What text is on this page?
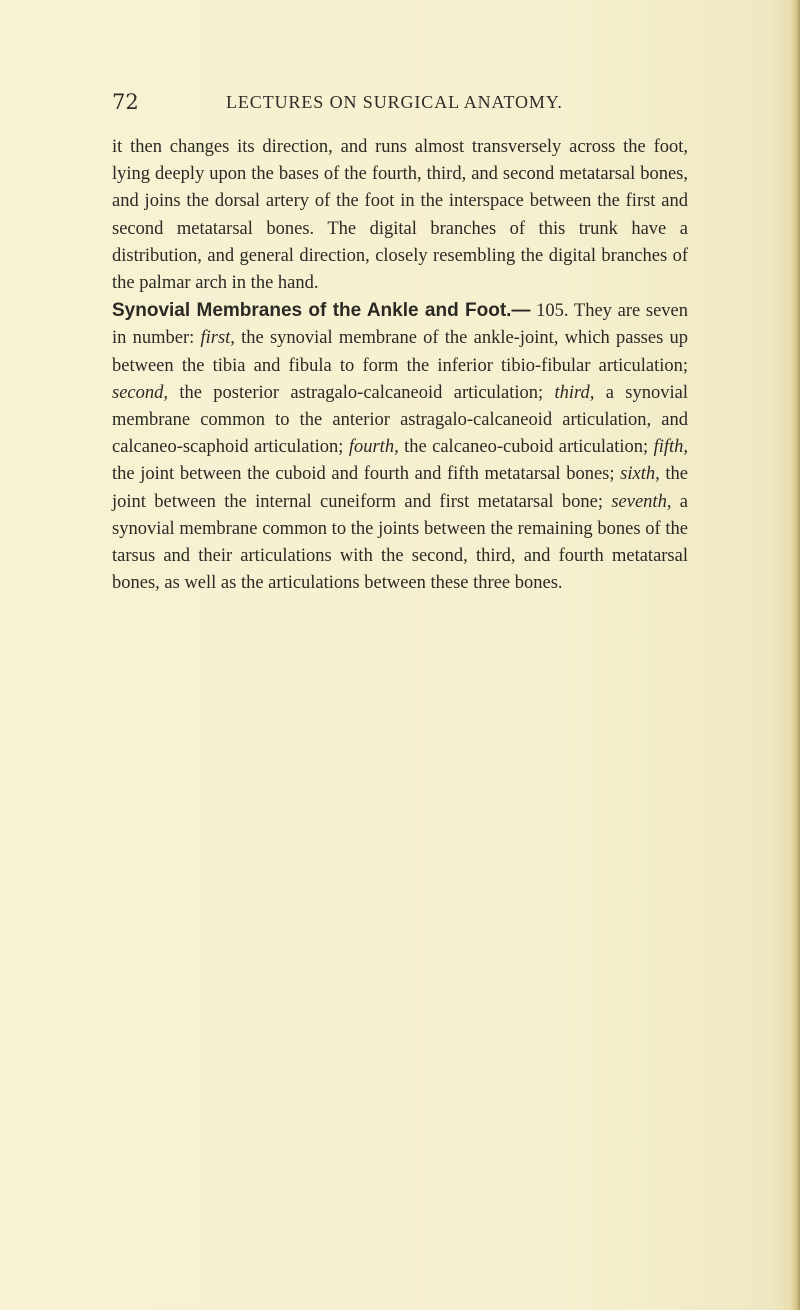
72	LECTURES ON SURGICAL ANATOMY.

it then changes its direction, and runs almost transversely across the foot, lying deeply upon the bases of the fourth, third, and second metatarsal bones, and joins the dorsal artery of the foot in the interspace between the first and second metatarsal bones. The digital branches of this trunk have a distribution, and general direction, closely resembling the digital branches of the palmar arch in the hand.

Synovial Membranes of the Ankle and Foot.— 105. They are seven in number: first, the synovial membrane of the ankle-joint, which passes up between the tibia and fibula to form the inferior tibio-fibular articulation; second, the posterior astragalo-calcaneoid articulation; third, a synovial membrane common to the anterior astragalo-calcaneoid articulation, and calcaneo-scaphoid articulation; fourth, the calcaneo-cuboid articulation; fifth, the joint between the cuboid and fourth and fifth metatarsal bones; sixth, the joint between the internal cuneiform and first metatarsal bone; seventh, a synovial membrane common to the joints between the remaining bones of the tarsus and their articulations with the second, third, and fourth metatarsal bones, as well as the articulations between these three bones.
